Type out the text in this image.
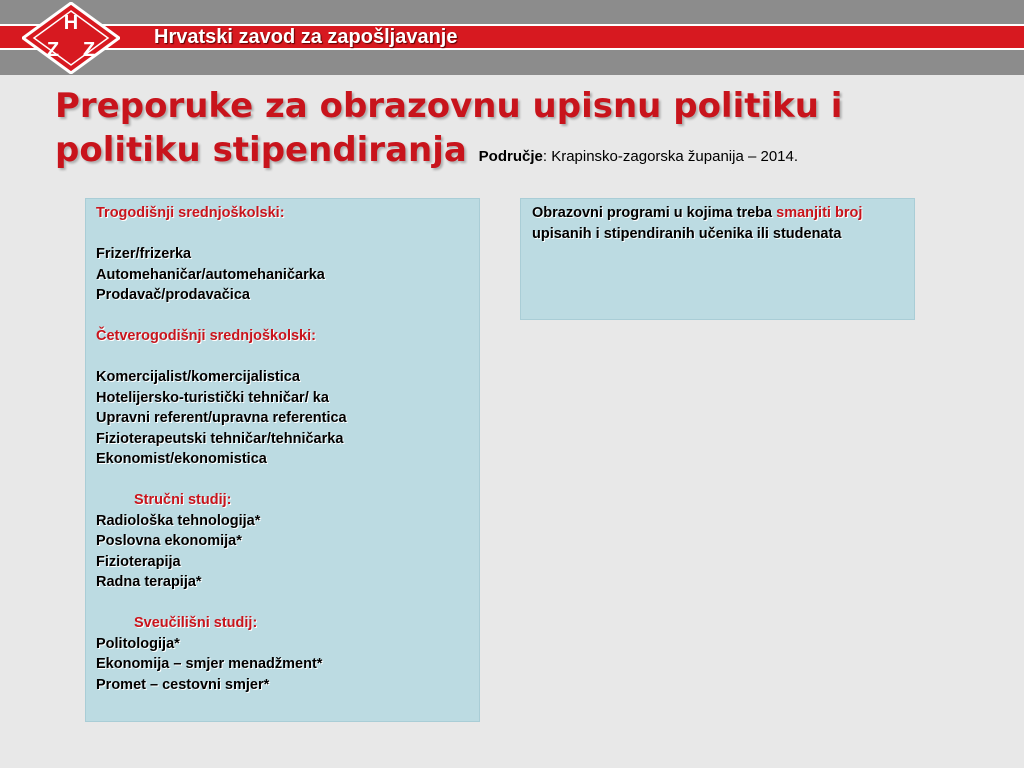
Hrvatski zavod za zapošljavanje
H
Z Z
Preporuke za obrazovnu upisnu politiku i politiku stipendiranja Područje: Krapinsko-zagorska županija – 2014.
Trogodišnji srednjoškolski:
Frizer/frizerka
Automehaničar/automehaničarka
Prodavač/prodavačica
Četverogodišnji srednjoškolski:
Komercijalist/komercijalistica
Hotelijersko-turistički tehničar/ ka
Upravni referent/upravna referentica
Fizioterapeutski tehničar/tehničarka
Ekonomist/ekonomistica
Stručni studij:
Radiološka tehnologija*
Poslovna ekonomija*
Fizioterapija
Radna terapija*
Sveučilišni studij:
Politologija*
Ekonomija – smjer menadžment*
Promet – cestovni smjer*
Obrazovni programi u kojima treba smanjiti broj upisanih i stipendiranih učenika ili studenata
